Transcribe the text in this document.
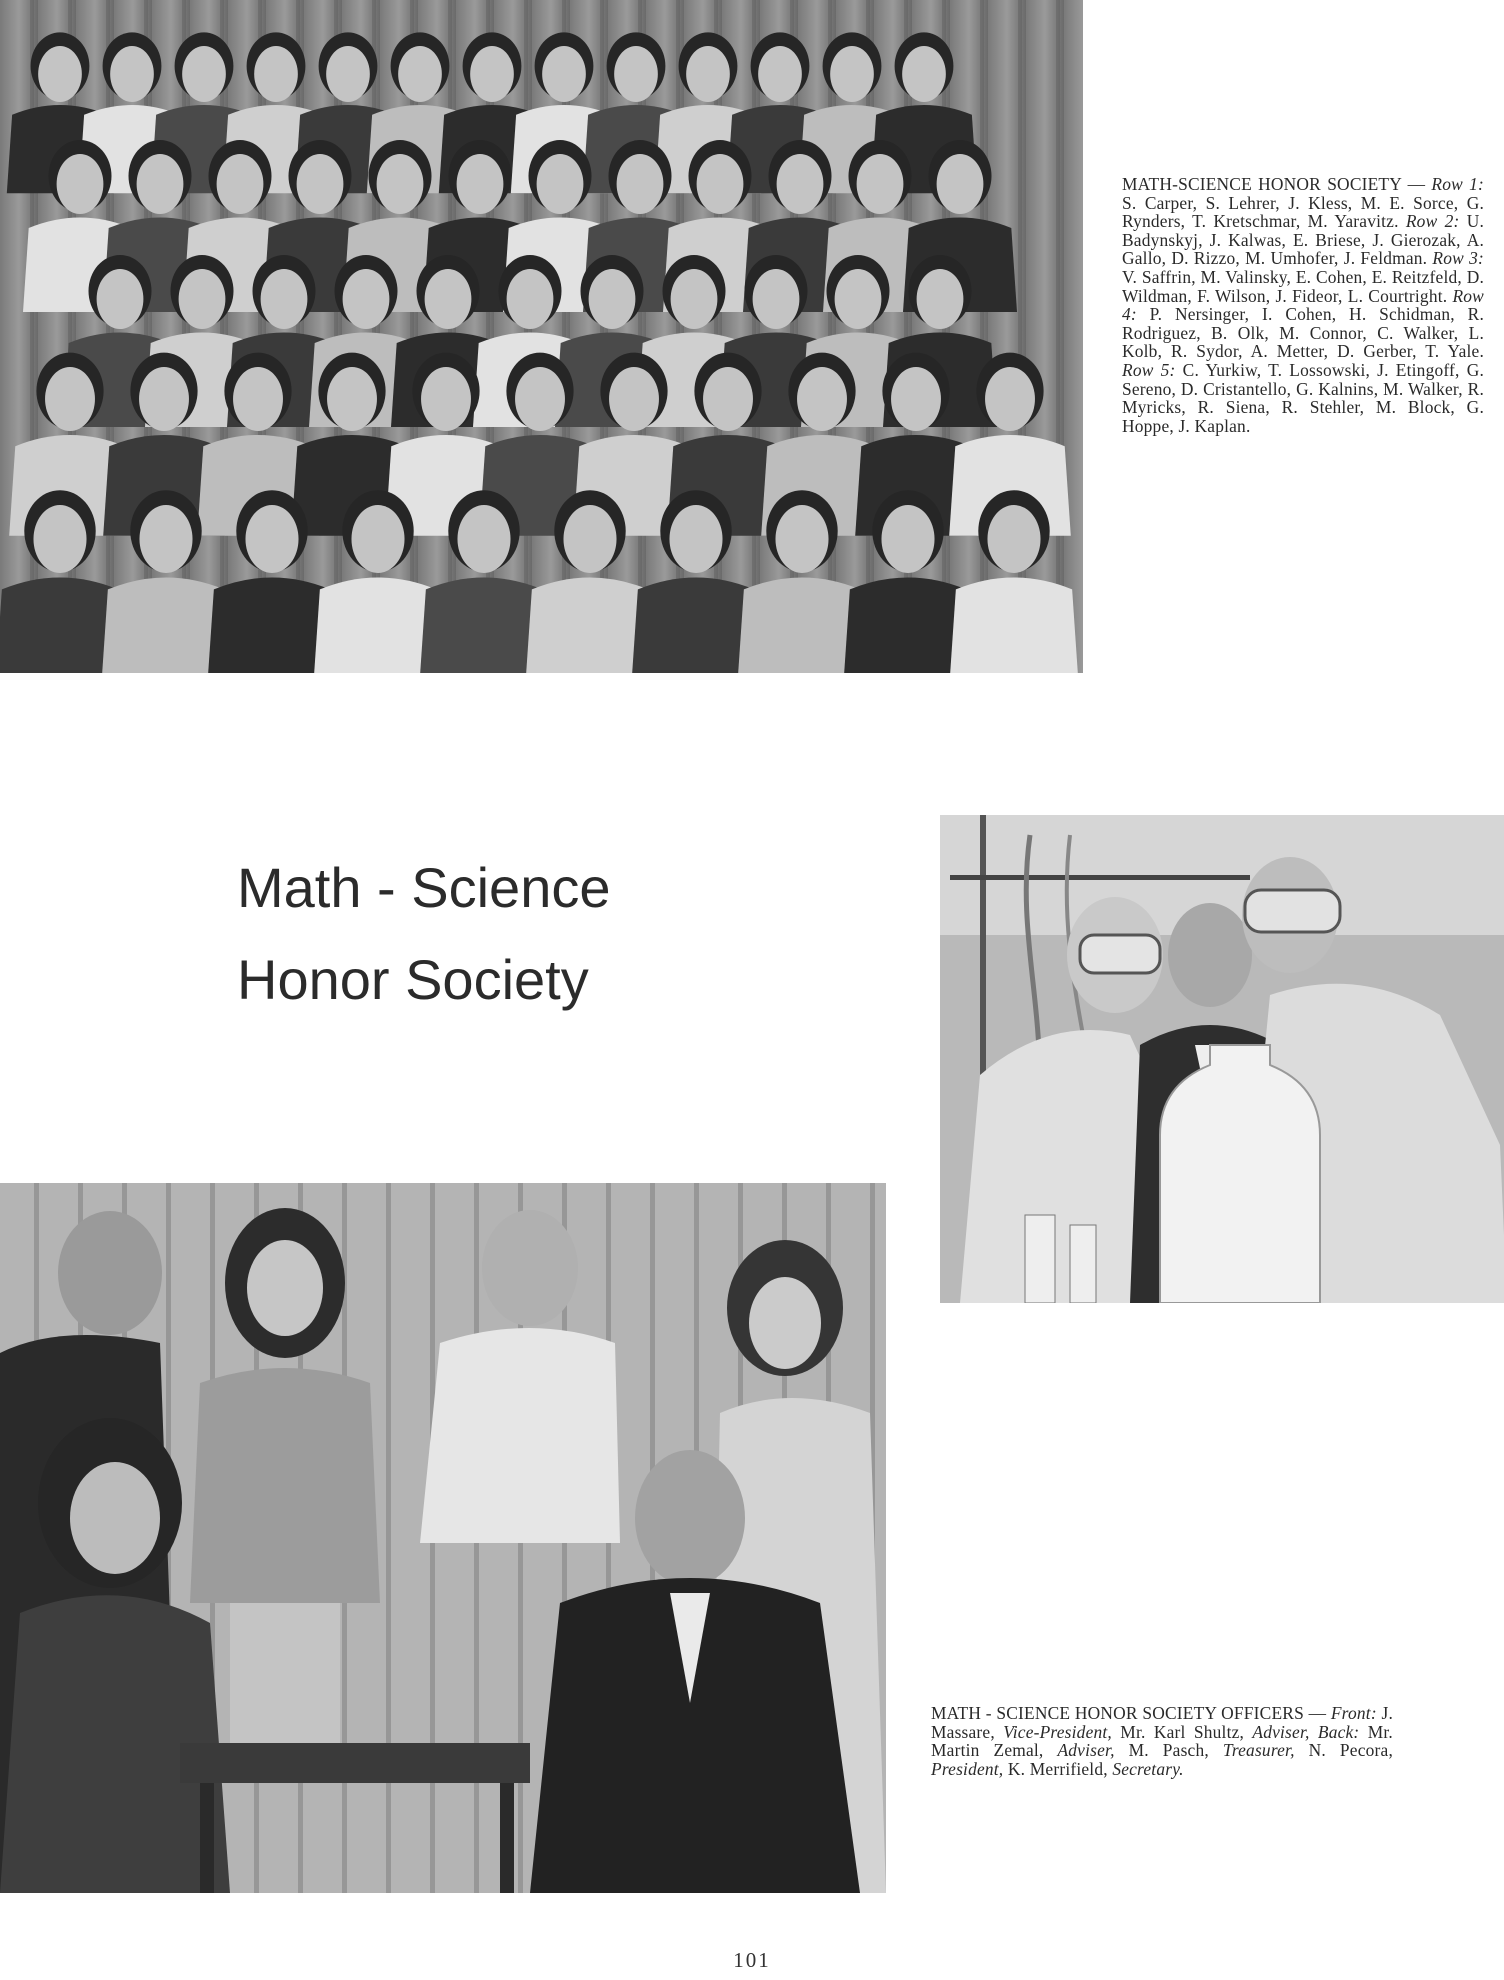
MATH-SCIENCE HONOR SOCIETY — Row 1: S. Carper, S. Lehrer, J. Kless, M. E. Sorce, G. Rynders, T. Kretschmar, M. Yaravitz. Row 2: U. Badynskyj, J. Kalwas, E. Briese, J. Gierozak, A. Gallo, D. Rizzo, M. Umhofer, J. Feldman. Row 3: V. Saffrin, M. Valinsky, E. Cohen, E. Reitzfeld, D. Wildman, F. Wilson, J. Fideor, L. Courtright. Row 4: P. Nersinger, I. Cohen, H. Schidman, R. Rodriguez, B. Olk, M. Connor, C. Walker, L. Kolb, R. Sydor, A. Metter, D. Gerber, T. Yale. Row 5: C. Yurkiw, T. Lossowski, J. Etingoff, G. Sereno, D. Cristantello, G. Kalnins, M. Walker, R. Myricks, R. Siena, R. Stehler, M. Block, G. Hoppe, J. Kaplan.
Math - Science
Honor Society
MATH - SCIENCE HONOR SOCIETY OFFICERS — Front: J. Massare, Vice-President, Mr. Karl Shultz, Adviser, Back: Mr. Martin Zemal, Adviser, M. Pasch, Treasurer, N. Pecora, President, K. Merrifield, Secretary.
101
